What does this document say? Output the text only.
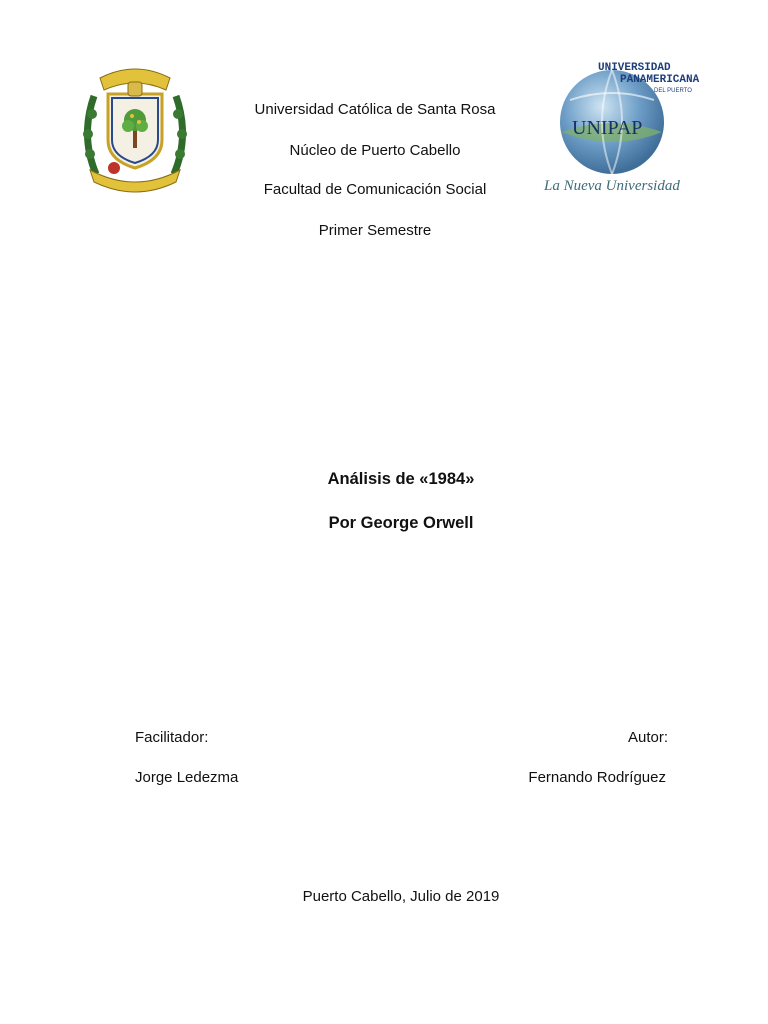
UNIVERSIDAD
PANAMERICANA
DEL PUERTO
UNIPAP
La Nueva Universidad
Universidad Católica de Santa Rosa
Núcleo de Puerto Cabello
Facultad de Comunicación Social
Primer Semestre
Análisis de «1984»
Por George Orwell
Facilitador:
Jorge Ledezma
Autor:
Fernando Rodríguez
Puerto Cabello, Julio de 2019
